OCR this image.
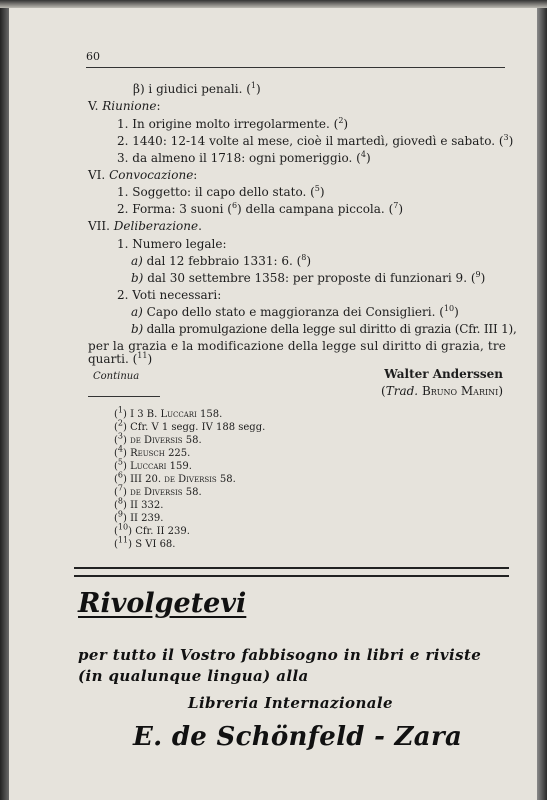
60
β) i giudici penali. ($^1$)
V. Riunione:
1. In origine molto irregolarmente. ($^2$)
2. 1440: 12-14 volte al mese, cioè il martedì, giovedì e sabato. ($^3$)
3. da almeno il 1718: ogni pomeriggio. ($^4$)
VI. Convocazione:
1. Soggetto: il capo dello stato. ($^5$)
2. Forma: 3 suoni ($^6$) della campana piccola. ($^7$)
VII. Deliberazione.
1. Numero legale:
a) dal 12 febbraio 1331: 6. ($^8$)
b) dal 30 settembre 1358: per proposte di funzionari 9. ($^9$)
2. Voti necessari:
a) Capo dello stato e maggioranza dei Consiglieri. ($^{10}$)
b) dalla promulgazione della legge sul diritto di grazia (Cfr. III 1),
per la grazia e la modificazione della legge sul diritto di grazia, tre
quarti. ($^{11}$)
Continua	Walter Anderssen
(Trad. Bruno Marini)
($^1$) I 3 B. Luccari 158.
($^2$) Cfr. V 1 segg. IV 188 segg.
($^3$) de Diversis 58.
($^4$) Reusch 225.
($^5$) Luccari 159.
($^6$) III 20. de Diversis 58.
($^7$) de Diversis 58.
($^8$) II 332.
($^9$) II 239.
($^{10}$) Cfr. II 239.
($^{11}$) S VI 68.
Rivolgetevi
per tutto il Vostro fabbisogno in libri e riviste
(in qualunque lingua) alla
Libreria Internazionale
E. de Schönfeld - Zara
